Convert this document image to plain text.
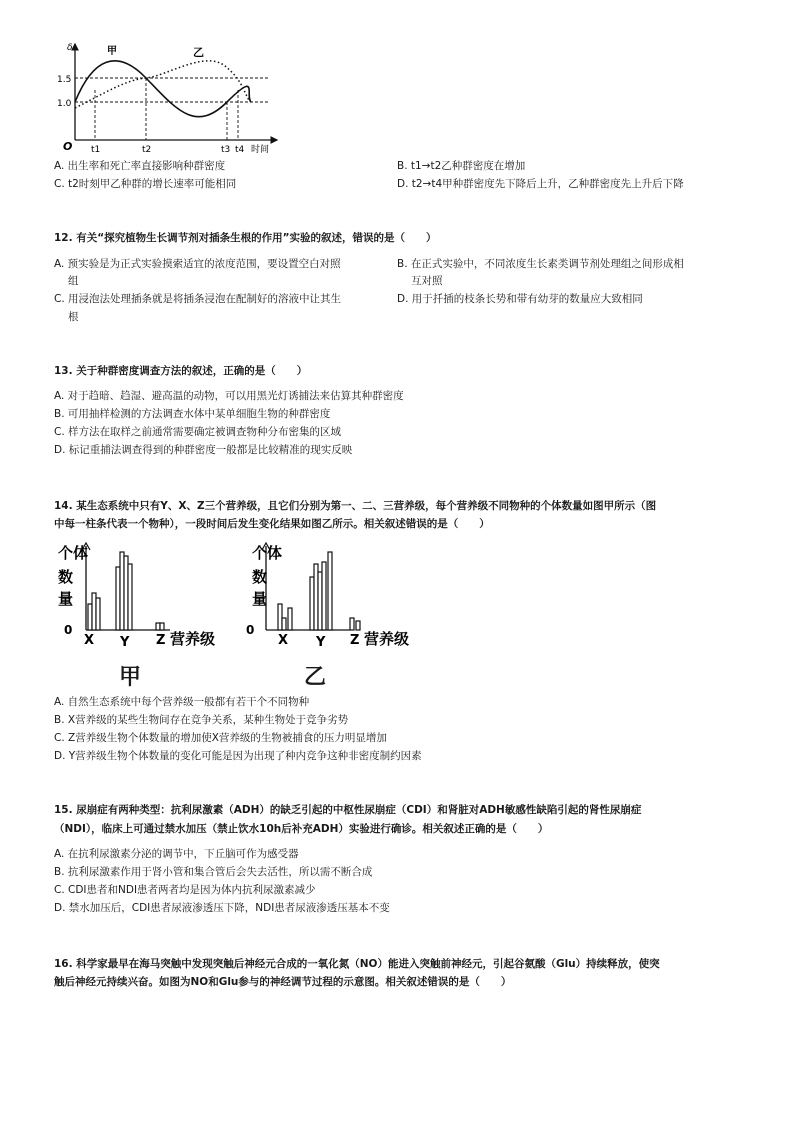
δ
1.5
1.0
O t1	t2	t3 t4 时间
甲	乙
A. 出生率和死亡率直接影响种群密度	B. t1→t2乙种群密度在增加
C. t2时刻甲乙种群的增长速率可能相同	D. t2→t4甲种群密度先下降后上升，乙种群密度先上升后下降
12. 有关“探究植物生长调节剂对插条生根的作用”实验的叙述，错误的是（　　）
A. 预实验是为正式实验摸索适宜的浓度范围，要设置空白对照
组
B. 在正式实验中，不同浓度生长素类调节剂处理组之间形成相
互对照
C. 用浸泡法处理插条就是将插条浸泡在配制好的溶液中让其生
根
D. 用于扦插的枝条长势和带有幼芽的数量应大致相同
13. 关于种群密度调查方法的叙述，正确的是（　　）
A. 对于趋暗、趋湿、避高温的动物，可以用黑光灯诱捕法来估算其种群密度
B. 可用抽样检测的方法调查水体中某单细胞生物的种群密度
C. 样方法在取样之前通常需要确定被调查物种分布密集的区域
D. 标记重捕法调查得到的种群密度一般都是比较精准的现实反映
14. 某生态系统中只有Y、X、Z三个营养级，且它们分别为第一、二、三营养级，每个营养级不同物种的个体数量如图甲所示（图
中每一柱条代表一个物种），一段时间后发生变化结果如图乙所示。相关叙述错误的是（　　）
个 体
数
量
0
X Y Z 营养级
甲
个 体
数
量
0
X Y Z 营养级
乙
A. 自然生态系统中每个营养级一般都有若干个不同物种
B. X营养级的某些生物间存在竞争关系，某种生物处于竞争劣势
C. Z营养级生物个体数量的增加使X营养级的生物被捕食的压力明显增加
D. Y营养级生物个体数量的变化可能是因为出现了种内竞争这种非密度制约因素
15. 尿崩症有两种类型：抗利尿激素（ADH）的缺乏引起的中枢性尿崩症（CDI）和肾脏对ADH敏感性缺陷引起的肾性尿崩症
（NDI），临床上可通过禁水加压（禁止饮水10h后补充ADH）实验进行确诊。相关叙述正确的是（　　）
A. 在抗利尿激素分泌的调节中，下丘脑可作为感受器
B. 抗利尿激素作用于肾小管和集合管后会失去活性，所以需不断合成
C. CDI患者和NDI患者两者均是因为体内抗利尿激素减少
D. 禁水加压后，CDI患者尿液渗透压下降，NDI患者尿液渗透压基本不变
16. 科学家最早在海马突触中发现突触后神经元合成的一氧化氮（NO）能进入突触前神经元，引起谷氨酸（Glu）持续释放，使突
触后神经元持续兴奋。如图为NO和Glu参与的神经调节过程的示意图。相关叙述错误的是（　　）
